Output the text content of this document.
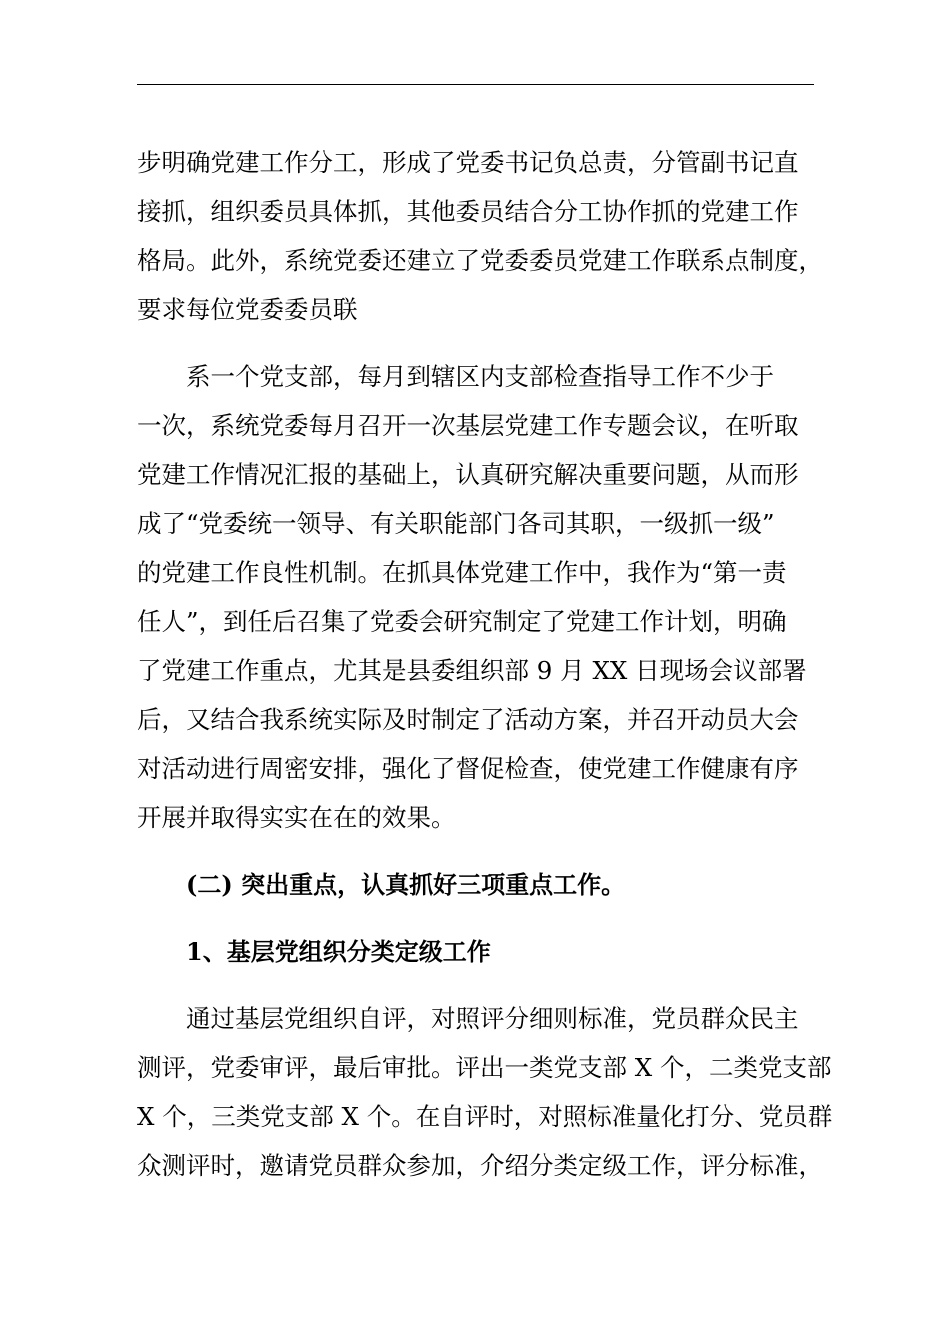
步明确党建工作分工，形成了党委书记负总责，分管副书记直
接抓，组织委员具体抓，其他委员结合分工协作抓的党建工作
格局。此外，系统党委还建立了党委委员党建工作联系点制度，
要求每位党委委员联
系一个党支部，每月到辖区内支部检查指导工作不少于
一次，系统党委每月召开一次基层党建工作专题会议，在听取
党建工作情况汇报的基础上，认真研究解决重要问题，从而形
成了“党委统一领导、有关职能部门各司其职，一级抓一级”
的党建工作良性机制。在抓具体党建工作中，我作为“第一责
任人”，到任后召集了党委会研究制定了党建工作计划，明确
了党建工作重点，尤其是县委组织部 9 月 XX 日现场会议部署
后，又结合我系统实际及时制定了活动方案，并召开动员大会
对活动进行周密安排，强化了督促检查，使党建工作健康有序
开展并取得实实在在的效果。
(二) 突出重点，认真抓好三项重点工作。
1、基层党组织分类定级工作
通过基层党组织自评，对照评分细则标准，党员群众民主
测评，党委审评，最后审批。评出一类党支部 X 个，二类党支部
X 个，三类党支部 X 个。在自评时，对照标准量化打分、党员群
众测评时，邀请党员群众参加，介绍分类定级工作，评分标准，
